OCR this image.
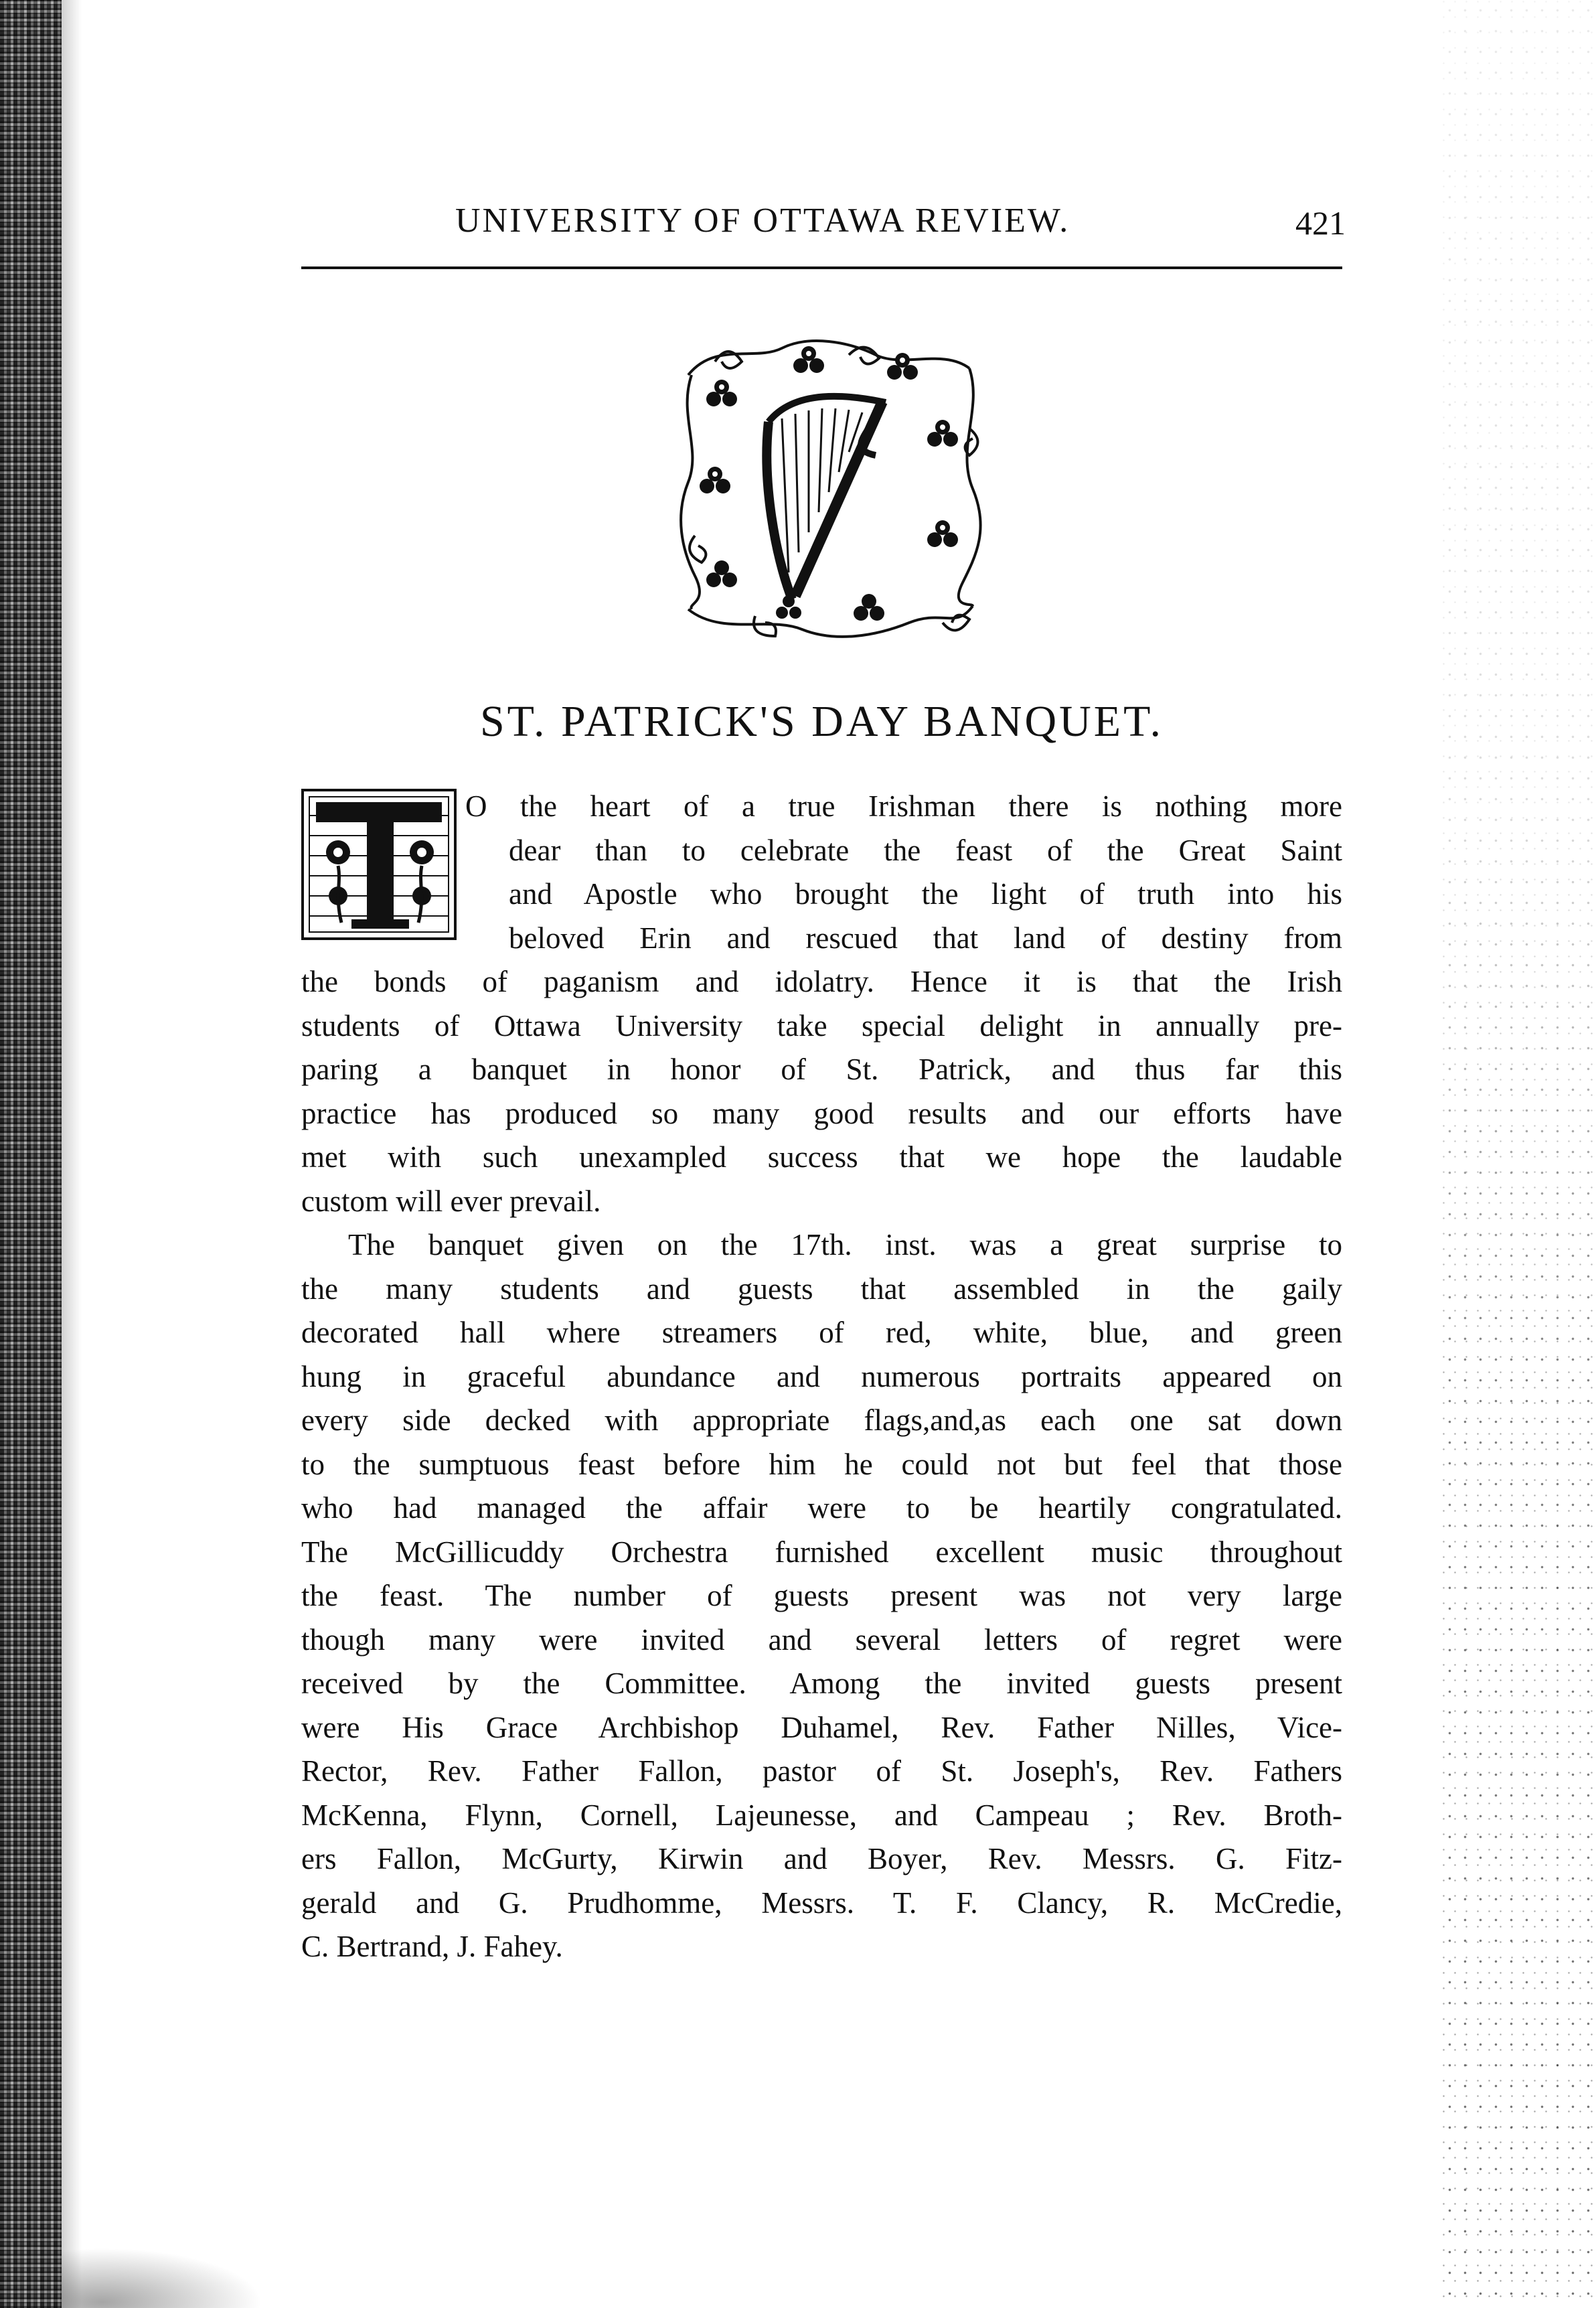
UNIVERSITY OF OTTAWA REVIEW.	421
ST. PATRICK'S DAY BANQUET.
O the heart of a true Irishman there is nothing more
dear than to celebrate the feast of the Great Saint
and Apostle who brought the light of truth into his
beloved Erin and rescued that land of destiny from
the bonds of paganism and idolatry. Hence it is that the Irish
students of Ottawa University take special delight in annually pre-
paring a banquet in honor of St. Patrick, and thus far this
practice has produced so many good results and our efforts have
met with such unexampled success that we hope the laudable
custom will ever prevail.
The banquet given on the 17th. inst. was a great surprise to
the many students and guests that assembled in the gaily
decorated hall where streamers of red, white, blue, and green
hung in graceful abundance and numerous portraits appeared on
every side decked with appropriate flags,and,as each one sat down
to the sumptuous feast before him he could not but feel that those
who had managed the affair were to be heartily congratulated.
The McGillicuddy Orchestra furnished excellent music throughout
the feast. The number of guests present was not very large
though many were invited and several letters of regret were
received by the Committee. Among the invited guests present
were His Grace Archbishop Duhamel, Rev. Father Nilles, Vice-
Rector, Rev. Father Fallon, pastor of St. Joseph's, Rev. Fathers
McKenna, Flynn, Cornell, Lajeunesse, and Campeau ; Rev. Broth-
ers Fallon, McGurty, Kirwin and Boyer, Rev. Messrs. G. Fitz-
gerald and G. Prudhomme, Messrs. T. F. Clancy, R. McCredie,
C. Bertrand, J. Fahey.
